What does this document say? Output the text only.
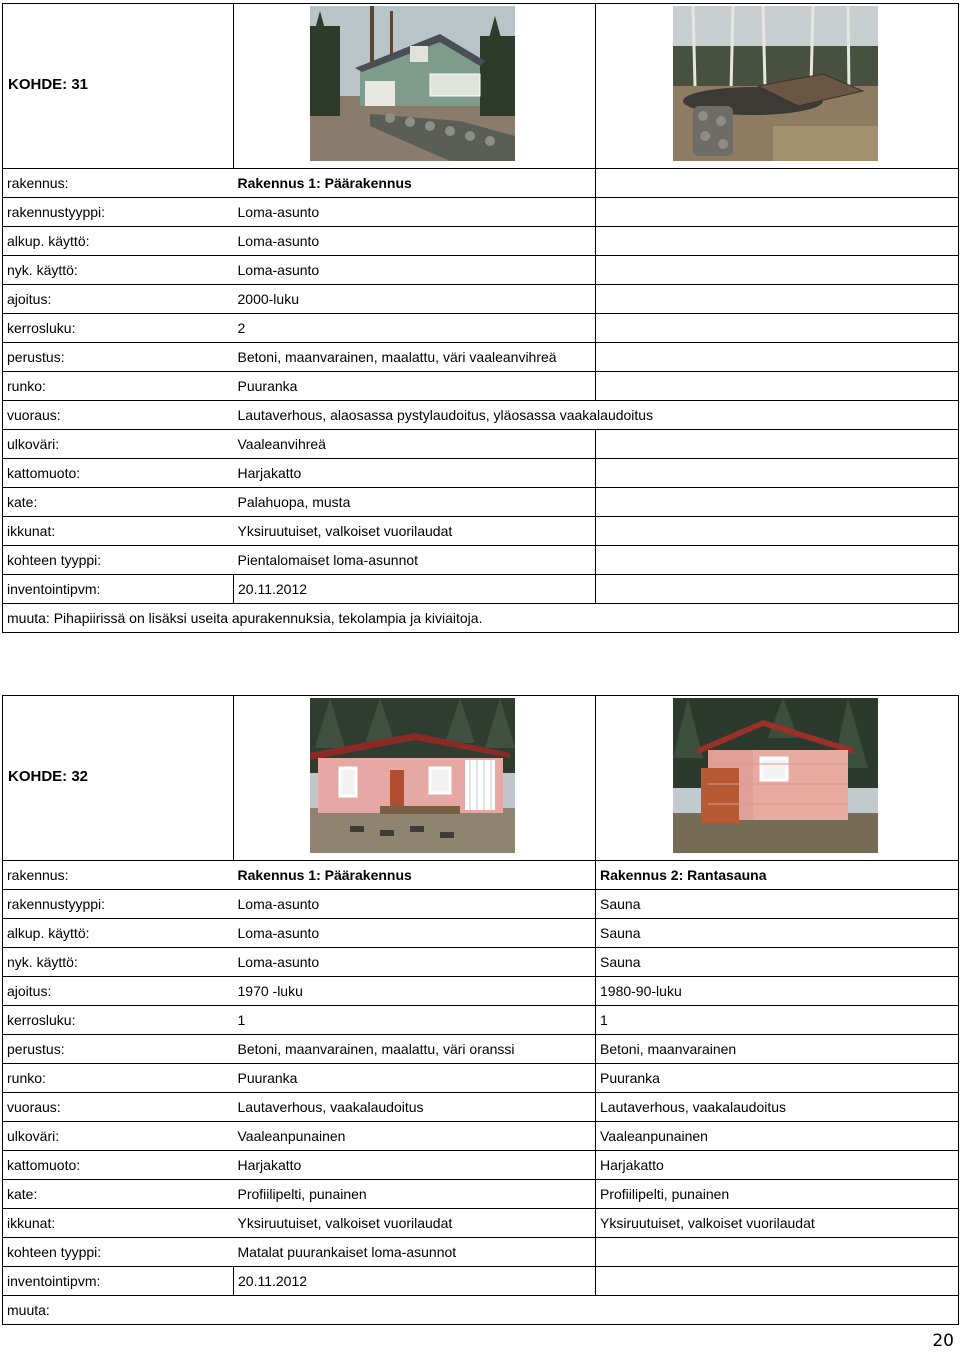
KOHDE: 31

rakennus:	Rakennus 1: Päärakennus	
rakennustyyppi:	Loma-asunto	
alkup. käyttö:	Loma-asunto	
nyk. käyttö:	Loma-asunto	
ajoitus:	2000-luku	
kerrosluku:	2	
perustus:	Betoni, maanvarainen, maalattu, väri vaaleanvihreä	
runko:	Puuranka	
vuoraus:	Lautaverhous, alaosassa pystylaudoitus, yläosassa vaakalaudoitus	
ulkoväri:	Vaaleanvihreä	
kattomuoto:	Harjakatto	
kate:	Palahuopa, musta	
ikkunat:	Yksiruutuiset, valkoiset vuorilaudat	
kohteen tyyppi:	Pientalomaiset loma-asunnot	
inventointipvm:	20.11.2012	
muuta: Pihapiirissä on lisäksi useita apurakennuksia, tekolampia ja kiviaitoja.		
KOHDE: 32

rakennus:	Rakennus 1: Päärakennus	Rakennus 2: Rantasauna
rakennustyyppi:	Loma-asunto	Sauna
alkup. käyttö:	Loma-asunto	Sauna
nyk. käyttö:	Loma-asunto	Sauna
ajoitus:	1970 -luku	1980-90-luku
kerrosluku:	1	1
perustus:	Betoni, maanvarainen, maalattu, väri oranssi	Betoni, maanvarainen
runko:	Puuranka	Puuranka
vuoraus:	Lautaverhous, vaakalaudoitus	Lautaverhous, vaakalaudoitus
ulkoväri:	Vaaleanpunainen	Vaaleanpunainen
kattomuoto:	Harjakatto	Harjakatto
kate:	Profiilipelti, punainen	Profiilipelti, punainen
ikkunat:	Yksiruutuiset, valkoiset vuorilaudat	Yksiruutuiset, valkoiset vuorilaudat
kohteen tyyppi:	Matalat puurankaiset loma-asunnot	
inventointipvm:	20.11.2012	
muuta:		
20
